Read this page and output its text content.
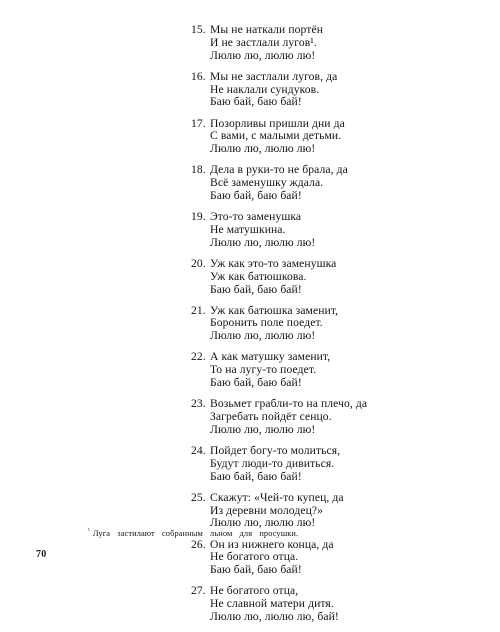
15. Мы не наткали портён
И не застлали лугов¹.
Люлю лю, люлю лю!
16. Мы не застлали лугов, да
Не наклали сундуков.
Баю бай, баю бай!
17. Позорливы пришли дни да
С вами, с малыми детьми.
Люлю лю, люлю лю!
18. Дела в руки-то не брала, да
Всё заменушку ждала.
Баю бай, баю бай!
19. Это-то заменушка
Не матушкина.
Люлю лю, люлю лю!
20. Уж как это-то заменушка
Уж как батюшкова.
Баю бай, баю бай!
21. Уж как батюшка заменит,
Боронить поле поедет.
Люлю лю, люлю лю!
22. А как матушку заменит,
То на лугу-то поедет.
Баю бай, баю бай!
23. Возьмет грабли-то на плечо, да
Загребать пойдёт сенцо.
Люлю лю, люлю лю!
24. Пойдет богу-то молиться,
Будут люди-то дивиться.
Баю бай, баю бай!
25. Скажут: «Чей-то купец, да
Из деревни молодец?»
Люлю лю, люлю лю!
26. Он из нижнего конца, да
Не богатого отца.
Баю бай, баю бай!
27. Не богатого отца,
Не славной матери дитя.
Люлю лю, люлю лю, бай!
$^{^1}$ Луга застилают собранным льном для просушки.
70
